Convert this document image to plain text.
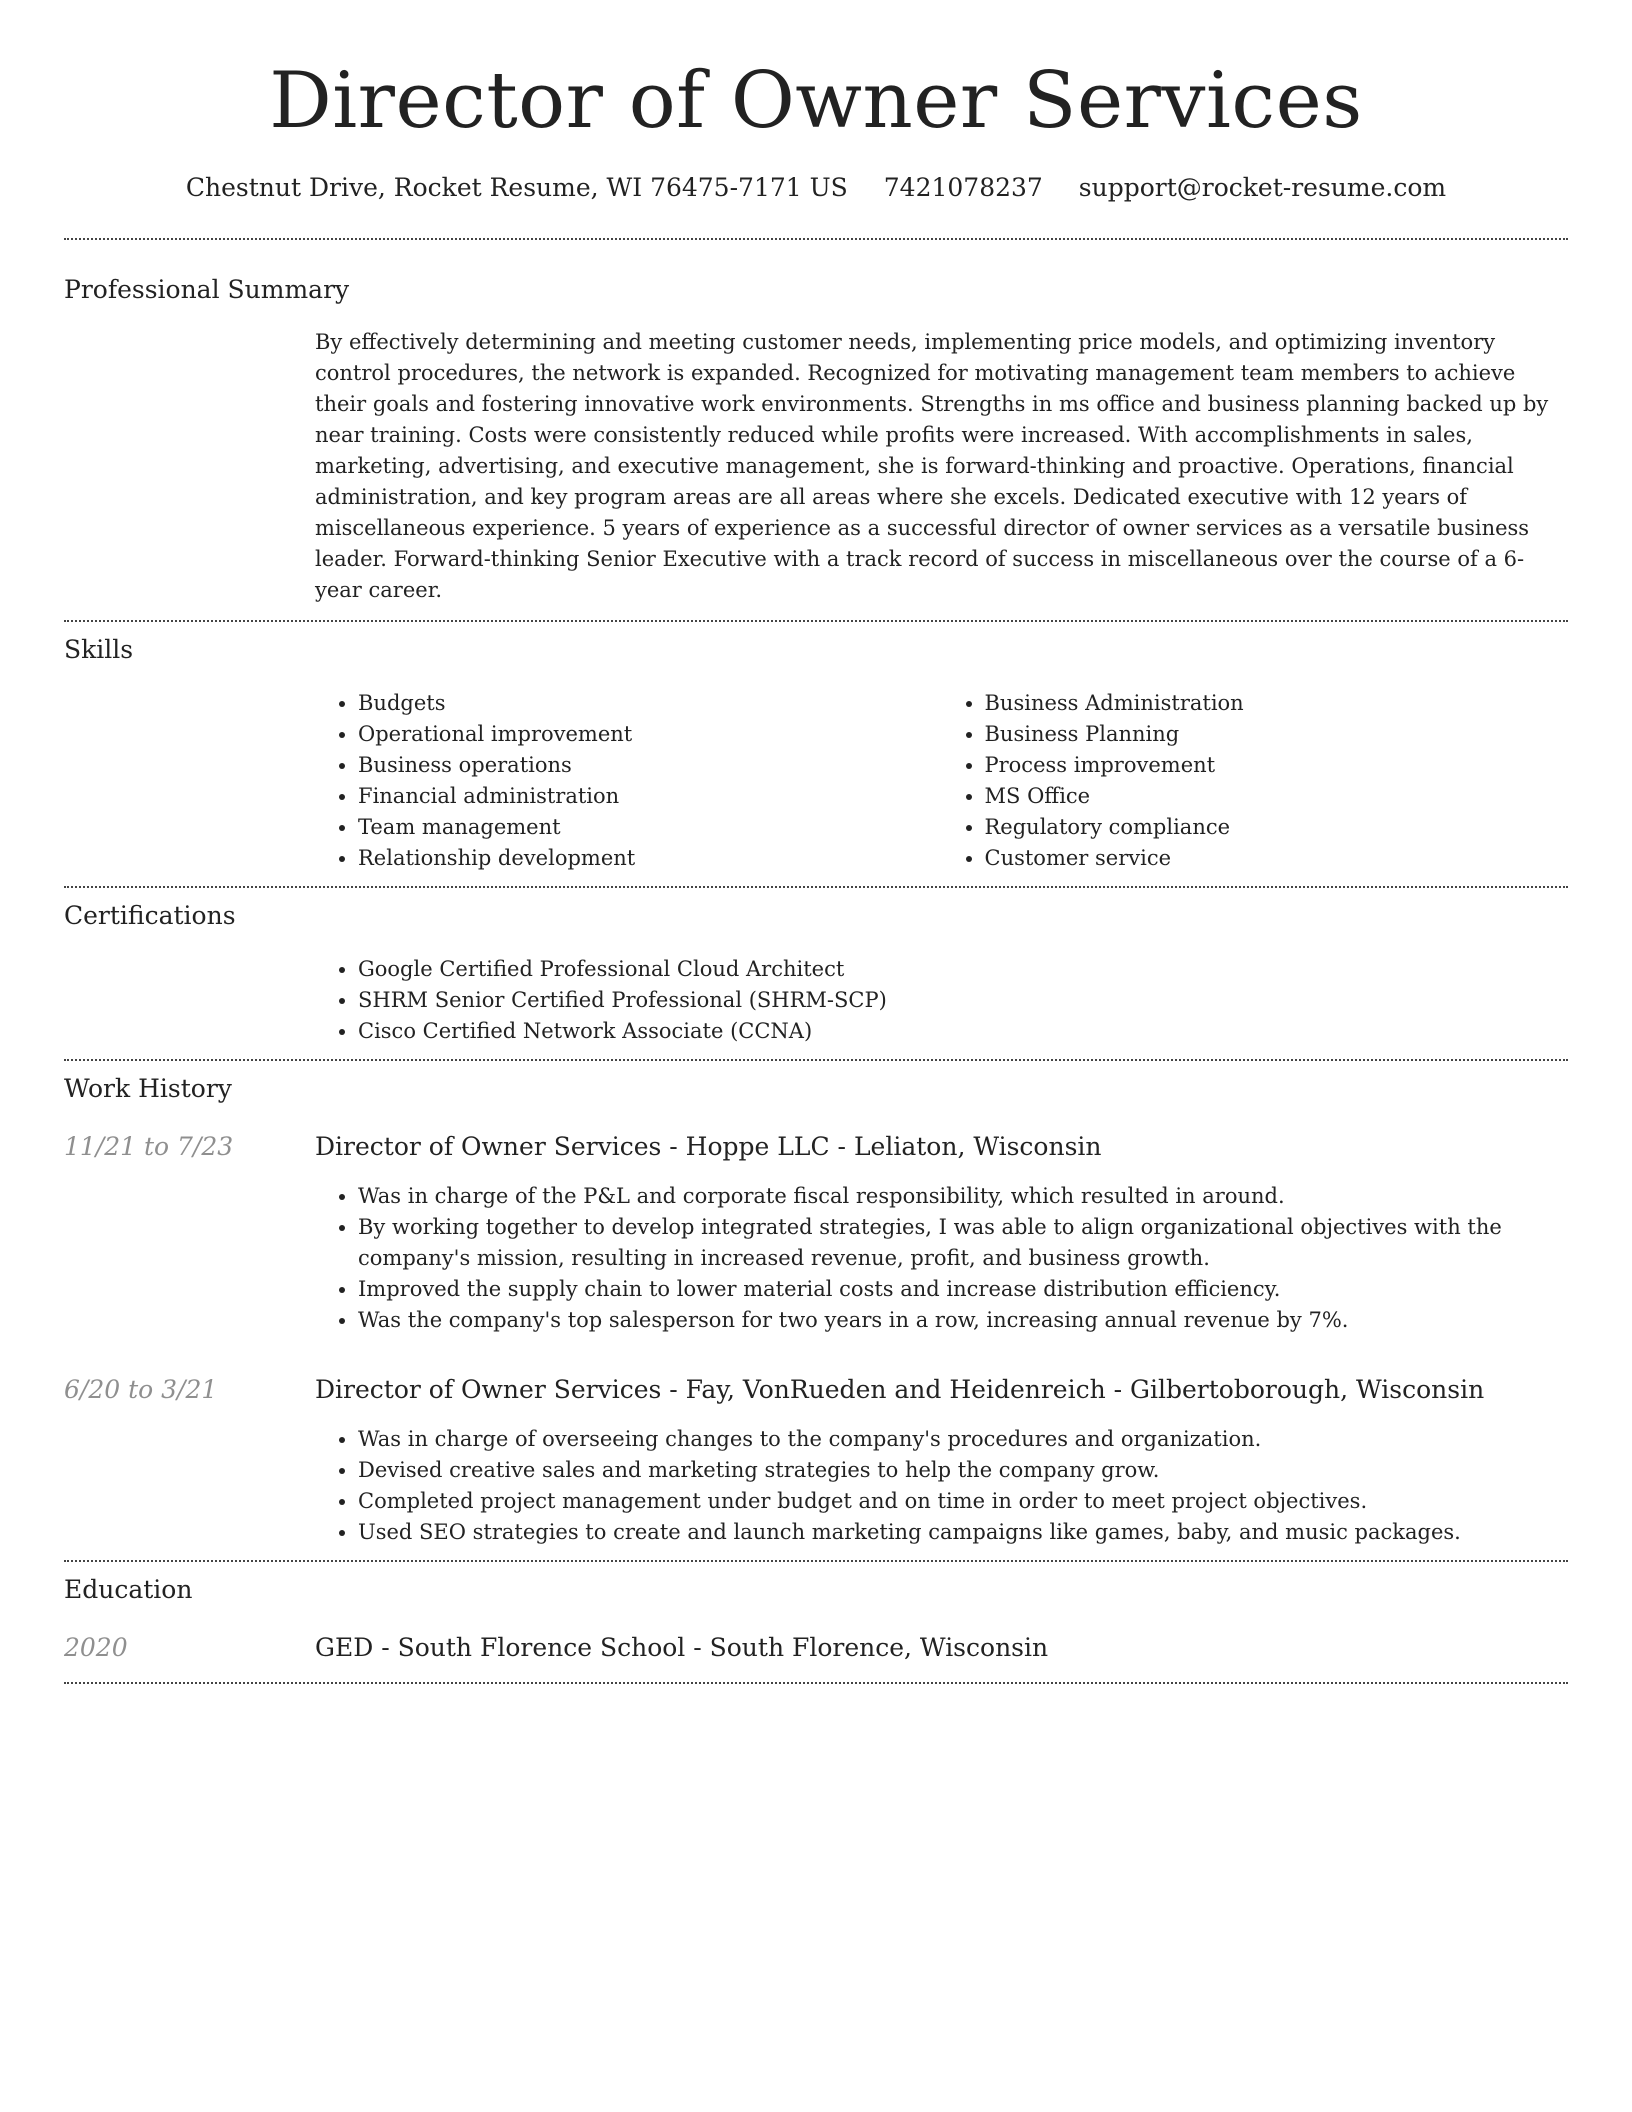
Director of Owner Services
Chestnut Drive, Rocket Resume, WI 76475-7171 US 7421078237 support@rocket-resume.com
Professional Summary

By effectively determining and meeting customer needs, implementing price models, and optimizing inventory control procedures, the network is expanded. Recognized for motivating management team members to achieve their goals and fostering innovative work environments. Strengths in ms office and business planning backed up by near training. Costs were consistently reduced while profits were increased. With accomplishments in sales, marketing, advertising, and executive management, she is forward-thinking and proactive. Operations, financial administration, and key program areas are all areas where she excels. Dedicated executive with 12 years of miscellaneous experience. 5 years of experience as a successful director of owner services as a versatile business leader. Forward-thinking Senior Executive with a track record of success in miscellaneous over the course of a 6-year career.

Skills
• Budgets
• Operational improvement
• Business operations
• Financial administration
• Team management
• Relationship development
• Business Administration
• Business Planning
• Process improvement
• MS Office
• Regulatory compliance
• Customer service
Certifications
• Google Certified Professional Cloud Architect
• SHRM Senior Certified Professional (SHRM-SCP)
• Cisco Certified Network Associate (CCNA)
Work History
11/21 to 7/23	Director of Owner Services - Hoppe LLC - Leliaton, Wisconsin
• Was in charge of the P&L and corporate fiscal responsibility, which resulted in around.
• By working together to develop integrated strategies, I was able to align organizational objectives with the company's mission, resulting in increased revenue, profit, and business growth.
• Improved the supply chain to lower material costs and increase distribution efficiency.
• Was the company's top salesperson for two years in a row, increasing annual revenue by 7%.
6/20 to 3/21	Director of Owner Services - Fay, VonRueden and Heidenreich - Gilbertoborough, Wisconsin
• Was in charge of overseeing changes to the company's procedures and organization.
• Devised creative sales and marketing strategies to help the company grow.
• Completed project management under budget and on time in order to meet project objectives.
• Used SEO strategies to create and launch marketing campaigns like games, baby, and music packages.
Education
2020	GED - South Florence School - South Florence, Wisconsin
